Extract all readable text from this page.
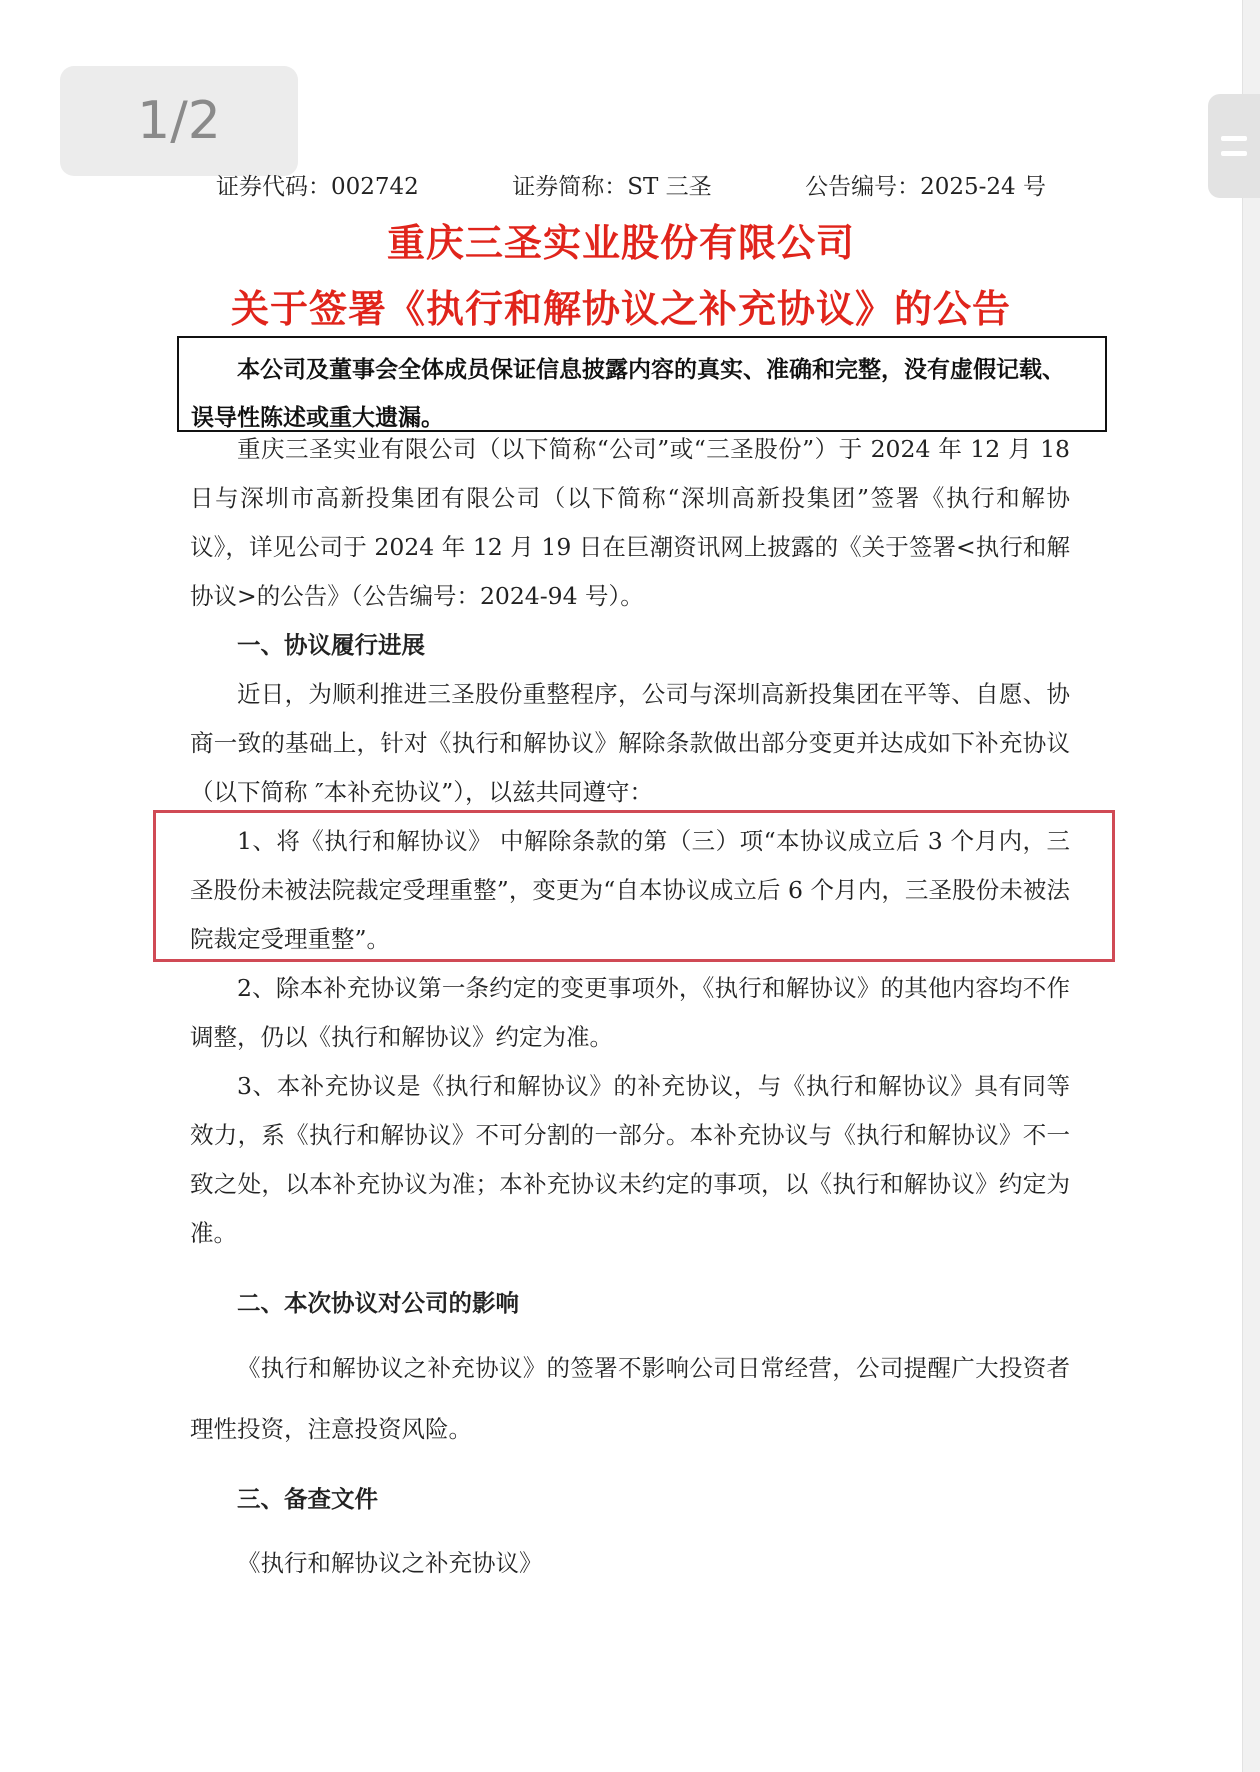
1/2
证券代码：002742	证券简称：ST 三圣	公告编号：2025-24 号
重庆三圣实业股份有限公司
关于签署《执行和解协议之补充协议》的公告
本公司及董事会全体成员保证信息披露内容的真实、准确和完整，没有虚假记载、误导性陈述或重大遗漏。

重庆三圣实业有限公司（以下简称“公司”或“三圣股份”）于 2024 年 12 月 18 日与深圳市高新投集团有限公司（以下简称“深圳高新投集团”签署《执行和解协议》，详见公司于 2024 年 12 月 19 日在巨潮资讯网上披露的《关于签署<执行和解协议>的公告》（公告编号：2024-94 号）。

一、协议履行进展

近日，为顺利推进三圣股份重整程序，公司与深圳高新投集团在平等、自愿、协商一致的基础上，针对《执行和解协议》解除条款做出部分变更并达成如下补充协议（以下简称 ″本补充协议”），以兹共同遵守：

1、将《执行和解协议》 中解除条款的第（三）项“本协议成立后 3 个月内，三圣股份未被法院裁定受理重整”，变更为“自本协议成立后 6 个月内，三圣股份未被法院裁定受理重整”。

2、除本补充协议第一条约定的变更事项外，《执行和解协议》的其他内容均不作调整，仍以《执行和解协议》约定为准。

3、本补充协议是《执行和解协议》的补充协议，与《执行和解协议》具有同等效力，系《执行和解协议》不可分割的一部分。本补充协议与《执行和解协议》不一致之处，以本补充协议为准；本补充协议未约定的事项，以《执行和解协议》约定为准。

二、本次协议对公司的影响
《执行和解协议之补充协议》的签署不影响公司日常经营，公司提醒广大投资者理性投资，注意投资风险。
三、备查文件
《执行和解协议之补充协议》
